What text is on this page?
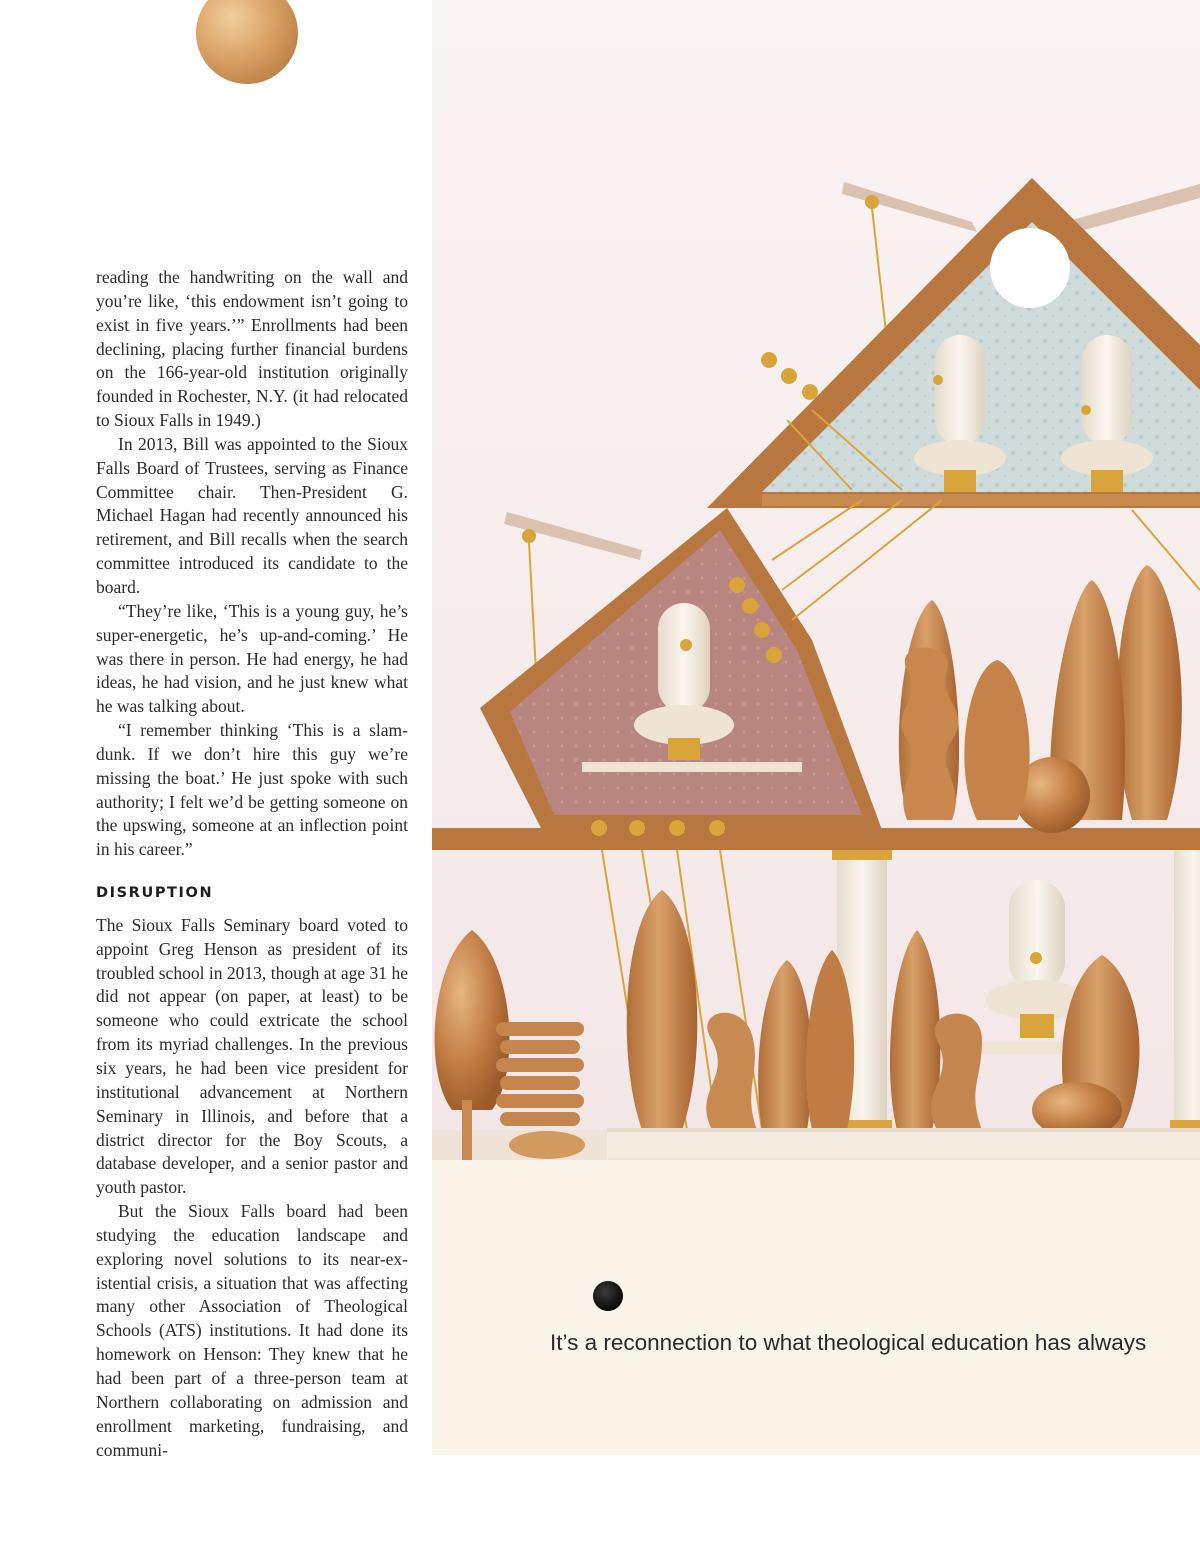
reading the handwriting on the wall and you’re like, ‘this endowment isn’t going to exist in five years.’” Enrollments had been declining, placing further financial burdens on the 166-year-old institution originally founded in Rochester, N.Y. (it had relocated to Sioux Falls in 1949.)

In 2013, Bill was appointed to the Sioux Falls Board of Trustees, serving as Finance Committee chair. Then-President G. Michael Hagan had recently announced his retirement, and Bill recalls when the search committee introduced its candidate to the board.

“They’re like, ‘This is a young guy, he’s super-energetic, he’s up-and-coming.’ He was there in person. He had energy, he had ideas, he had vision, and he just knew what he was talking about.

“I remember thinking ‘This is a slam-dunk. If we don’t hire this guy we’re missing the boat.’ He just spoke with such authority; I felt we’d be getting someone on the upswing, someone at an inflection point in his career.”

DISRUPTION

The Sioux Falls Seminary board voted to appoint Greg Henson as president of its troubled school in 2013, though at age 31 he did not appear (on paper, at least) to be someone who could extricate the school from its myriad challenges. In the previous six years, he had been vice president for institutional advancement at Northern Seminary in Illinois, and before that a district director for the Boy Scouts, a database developer, and a senior pastor and youth pastor.

But the Sioux Falls board had been studying the education landscape and exploring novel solutions to its near-existential crisis, a situation that was affecting many other Association of Theological Schools (ATS) institutions. It had done its homework on Henson: They knew that he had been part of a three-person team at Northern collaborating on admission and enrollment marketing, fundraising, and communi-

It’s a reconnection to what theological education has always
